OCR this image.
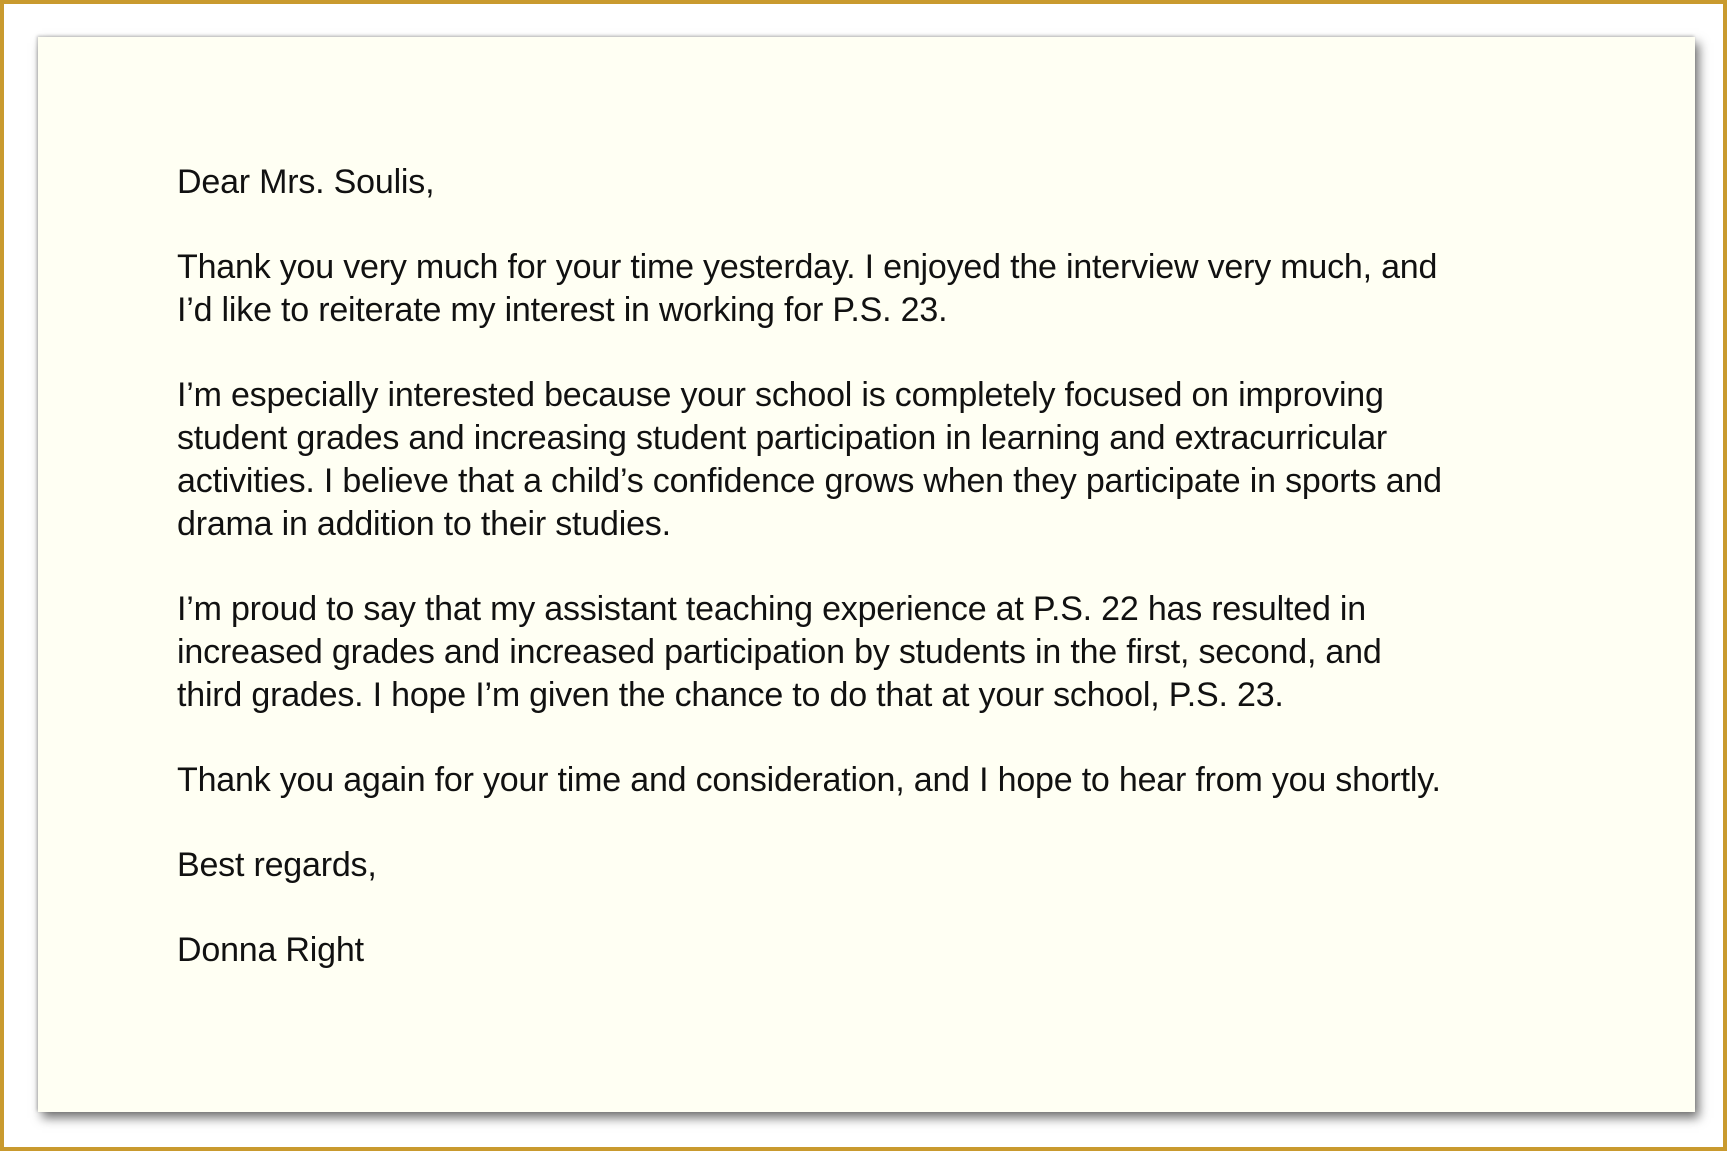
Dear Mrs. Soulis,

Thank you very much for your time yesterday. I enjoyed the interview very much, and
I’d like to reiterate my interest in working for P.S. 23.

I’m especially interested because your school is completely focused on improving
student grades and increasing student participation in learning and extracurricular
activities. I believe that a child’s confidence grows when they participate in sports and
drama in addition to their studies.

I’m proud to say that my assistant teaching experience at P.S. 22 has resulted in
increased grades and increased participation by students in the first, second, and
third grades. I hope I’m given the chance to do that at your school, P.S. 23.

Thank you again for your time and consideration, and I hope to hear from you shortly.

Best regards,

Donna Right
